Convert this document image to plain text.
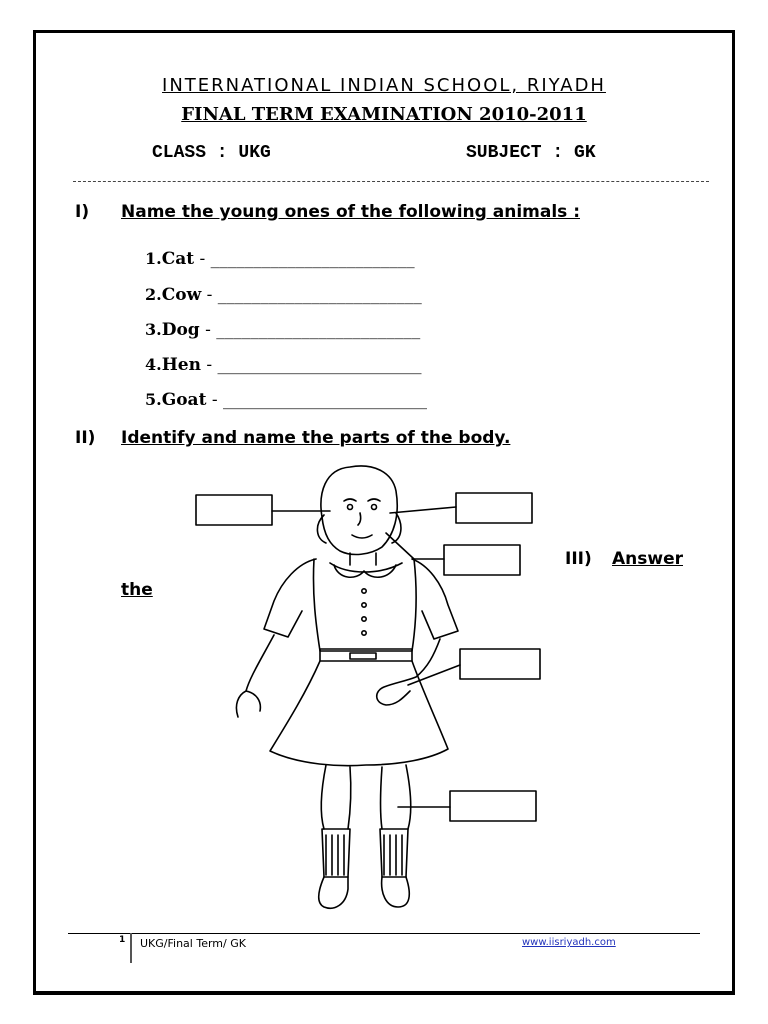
INTERNATIONAL INDIAN SCHOOL, RIYADH
FINAL TERM EXAMINATION 2010-2011
CLASS : UKG	SUBJECT : GK
I) Name the young ones of the following animals :
1.Cat - ________________________
2.Cow - ________________________
3.Dog - ________________________
4.Hen - ________________________
5.Goat - ________________________
II) Identify and name the parts of the body.
III) Answer
the
1 UKG/Final Term/ GK	www.iisriyadh.com
